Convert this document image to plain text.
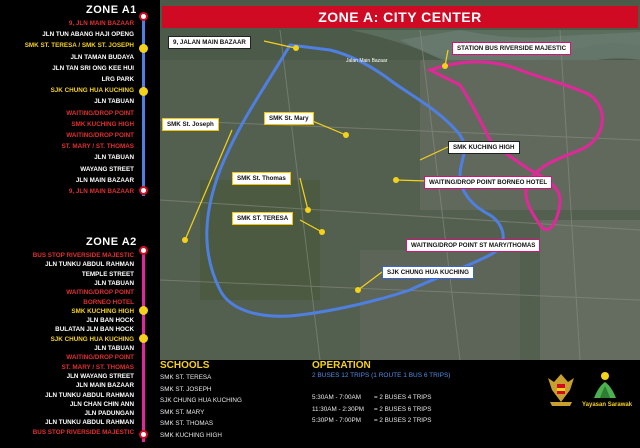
ZONE A1
9, JLN MAIN BAZAAR
JLN TUN ABANG HAJI OPENG
SMK ST. TERESA / SMK ST. JOSEPH
JLN TAMAN BUDAYA
JLN TAN SRI ONG KEE HUI
LRG PARK
SJK CHUNG HUA KUCHING
JLN TABUAN
WAITING/DROP POINT
SMK KUCHING HIGH
WAITING/DROP POINT
ST. MARY / ST. THOMAS
JLN TABUAN
WAYANG STREET
JLN MAIN BAZAAR
9, JLN MAIN BAZAAR
ZONE A2
BUS STOP RIVERSIDE MAJESTIC
JLN TUNKU ABDUL RAHMAN
TEMPLE STREET
JLN TABUAN
WAITING/DROP POINT
BORNEO HOTEL
SMK KUCHING HIGH
JLN BAN HOCK
BULATAN JLN BAN HOCK
SJK CHUNG HUA KUCHING
JLN TABUAN
WAITING/DROP POINT
ST. MARY / ST. THOMAS
JLN WAYANG STREET
JLN MAIN BAZAAR
JLN TUNKU ABDUL RAHMAN
JLN CHAN CHIN ANN
JLN PADUNGAN
JLN TUNKU ABDUL RAHMAN
BUS STOP RIVERSIDE MAJESTIC
ZONE A: CITY CENTER
Jalan Main Bazaar
9, JALAN MAIN BAZAAR
STATION BUS RIVERSIDE MAJESTIC
SMK St. Joseph
SMK St. Mary
SMK KUCHING HIGH
SMK St. Thomas
WAITING/DROP POINT BORNEO HOTEL
SMK ST. TERESA
WAITING/DROP POINT ST MARY/THOMAS
SJK CHUNG HUA KUCHING
SCHOOLS
SMK ST. TERESA
SMK ST. JOSEPH
SJK CHUNG HUA KUCHING
SMK ST. MARY
SMK ST. THOMAS
SMK KUCHING HIGH
OPERATION
2 BUSES 12 TRIPS (1 ROUTE 1 BUS 6 TRIPS)
5:30AM - 7:00AM = 2 BUSES 4 TRIPS
11:30AM - 2:30PM = 2 BUSES 6 TRIPS
5:30PM - 7:00PM = 2 BUSES 2 TRIPS
Yayasan Sarawak
